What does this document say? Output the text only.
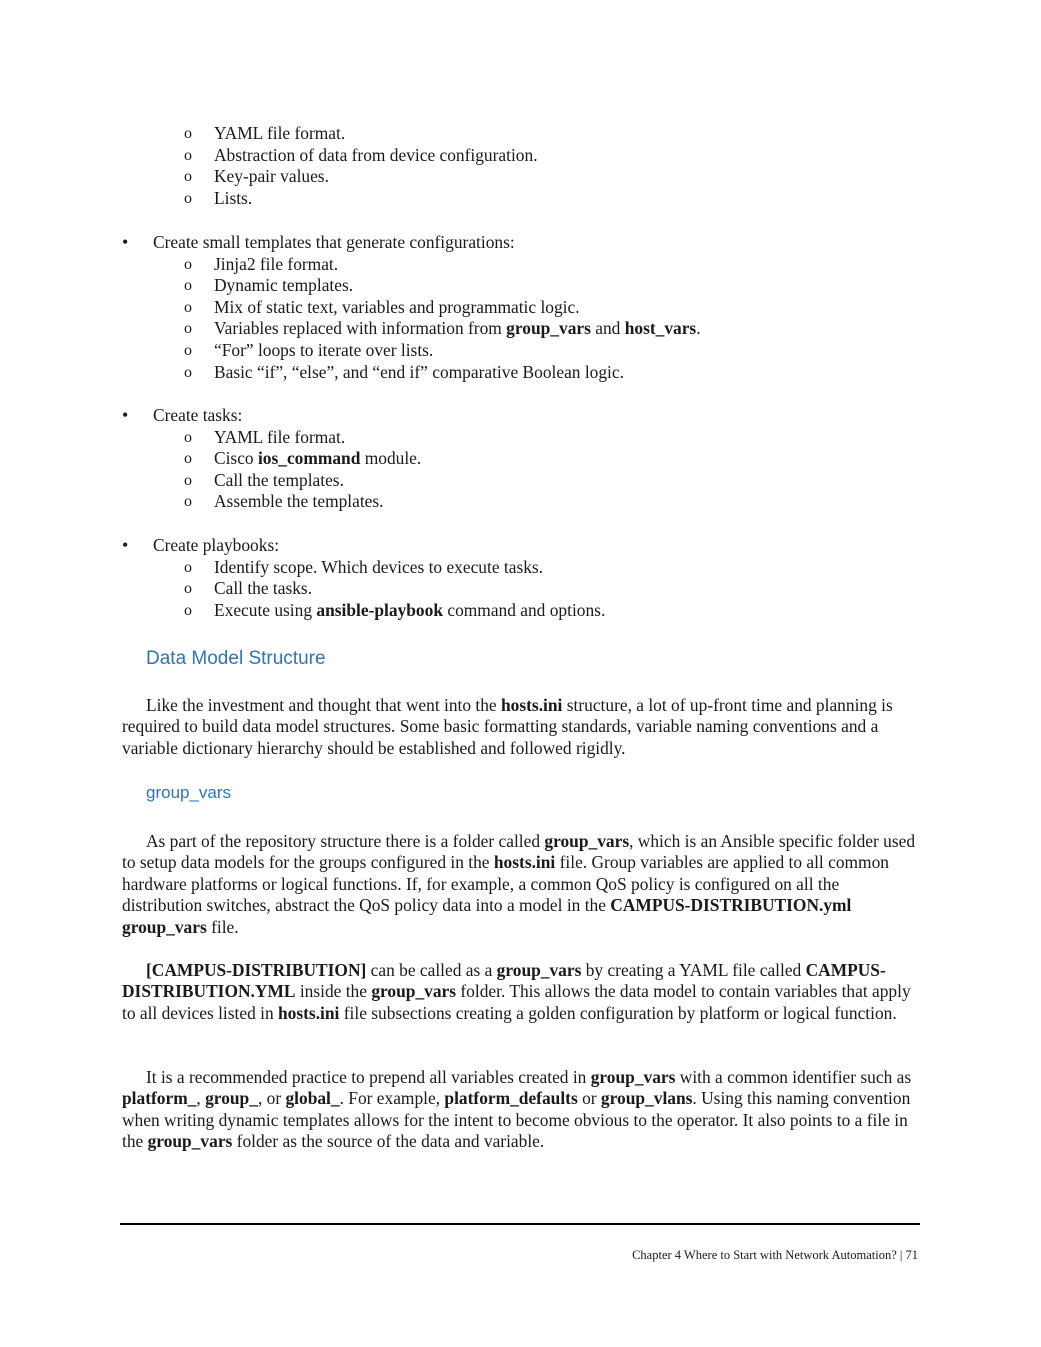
o YAML file format.
o Abstraction of data from device configuration.
o Key-pair values.
o Lists.
• Create small templates that generate configurations:
o Jinja2 file format.
o Dynamic templates.
o Mix of static text, variables and programmatic logic.
o Variables replaced with information from group_vars and host_vars.
o “For” loops to iterate over lists.
o Basic “if”, “else”, and “end if” comparative Boolean logic.
• Create tasks:
o YAML file format.
o Cisco ios_command module.
o Call the templates.
o Assemble the templates.
• Create playbooks:
o Identify scope. Which devices to execute tasks.
o Call the tasks.
o Execute using ansible-playbook command and options.
Data Model Structure

Like the investment and thought that went into the hosts.ini structure, a lot of up-front time and planning is required to build data model structures. Some basic formatting standards, variable naming conventions and a variable dictionary hierarchy should be established and followed rigidly.

group_vars

As part of the repository structure there is a folder called group_vars, which is an Ansible specific folder used to setup data models for the groups configured in the hosts.ini file. Group variables are applied to all common hardware platforms or logical functions. If, for example, a common QoS policy is configured on all the distribution switches, abstract the QoS policy data into a model in the CAMPUS-DISTRIBUTION.yml group_vars file.

[CAMPUS-DISTRIBUTION] can be called as a group_vars by creating a YAML file called CAMPUS-DISTRIBUTION.YML inside the group_vars folder. This allows the data model to contain variables that apply to all devices listed in hosts.ini file subsections creating a golden configuration by platform or logical function.

It is a recommended practice to prepend all variables created in group_vars with a common identifier such as platform_, group_, or global_. For example, platform_defaults or group_vlans. Using this naming convention when writing dynamic templates allows for the intent to become obvious to the operator. It also points to a file in the group_vars folder as the source of the data and variable.

Chapter 4 Where to Start with Network Automation? | 71
